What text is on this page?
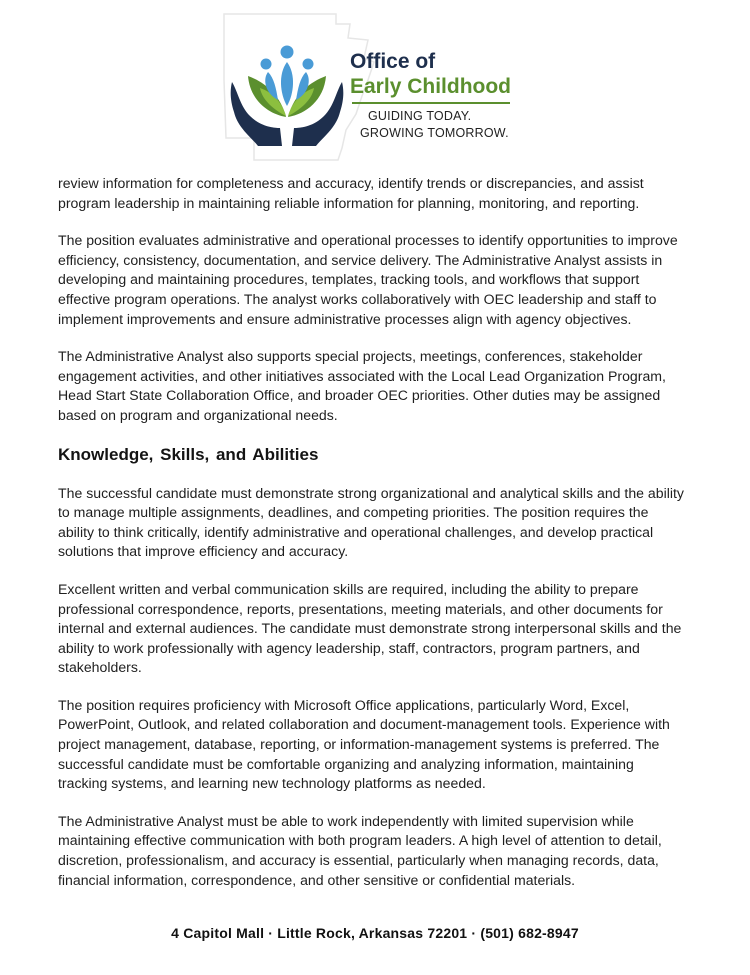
Office of
Early Childhood
GUIDING TODAY.
GROWING TOMORROW.

review information for completeness and accuracy, identify trends or discrepancies, and assist program leadership in maintaining reliable information for planning, monitoring, and reporting.

The position evaluates administrative and operational processes to identify opportunities to improve efficiency, consistency, documentation, and service delivery. The Administrative Analyst assists in developing and maintaining procedures, templates, tracking tools, and workflows that support effective program operations. The analyst works collaboratively with OEC leadership and staff to implement improvements and ensure administrative processes align with agency objectives.

The Administrative Analyst also supports special projects, meetings, conferences, stakeholder engagement activities, and other initiatives associated with the Local Lead Organization Program, Head Start State Collaboration Office, and broader OEC priorities. Other duties may be assigned based on program and organizational needs.

Knowledge, Skills, and Abilities

The successful candidate must demonstrate strong organizational and analytical skills and the ability to manage multiple assignments, deadlines, and competing priorities. The position requires the ability to think critically, identify administrative and operational challenges, and develop practical solutions that improve efficiency and accuracy.

Excellent written and verbal communication skills are required, including the ability to prepare professional correspondence, reports, presentations, meeting materials, and other documents for internal and external audiences. The candidate must demonstrate strong interpersonal skills and the ability to work professionally with agency leadership, staff, contractors, program partners, and stakeholders.

The position requires proficiency with Microsoft Office applications, particularly Word, Excel, PowerPoint, Outlook, and related collaboration and document-management tools. Experience with project management, database, reporting, or information-management systems is preferred. The successful candidate must be comfortable organizing and analyzing information, maintaining tracking systems, and learning new technology platforms as needed.

The Administrative Analyst must be able to work independently with limited supervision while maintaining effective communication with both program leaders. A high level of attention to detail, discretion, professionalism, and accuracy is essential, particularly when managing records, data, financial information, correspondence, and other sensitive or confidential materials.

4 Capitol Mall · Little Rock, Arkansas 72201 · (501) 682-8947
